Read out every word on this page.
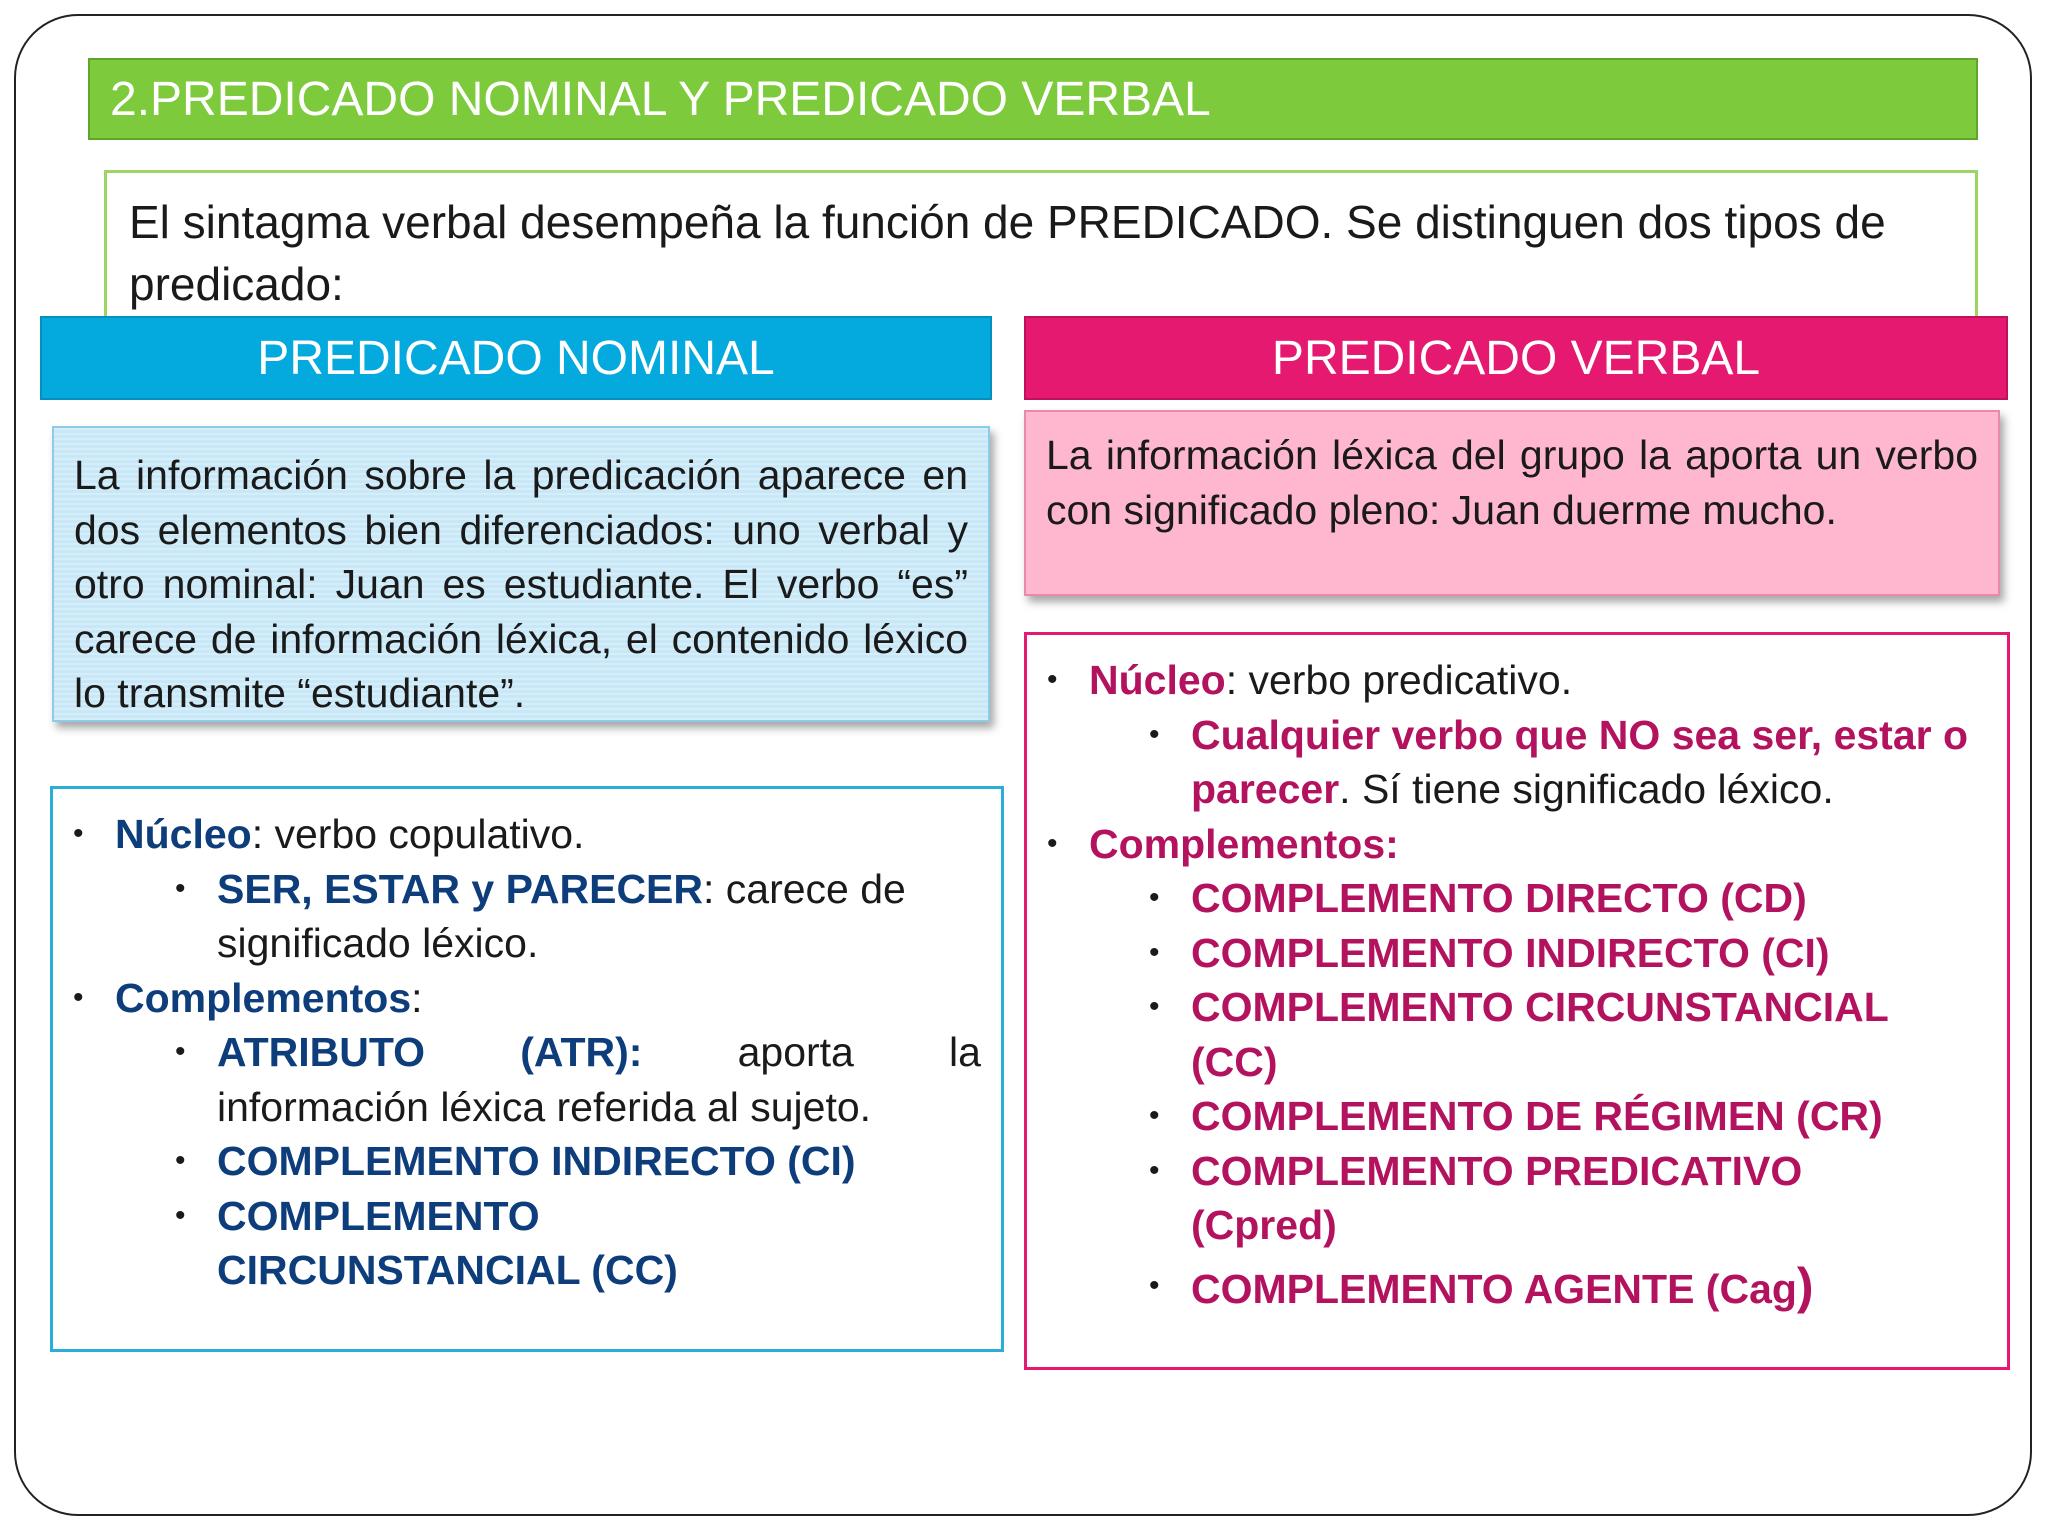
2.PREDICADO NOMINAL Y PREDICADO VERBAL
El sintagma verbal desempeña la función de PREDICADO. Se distinguen dos tipos de predicado:
PREDICADO NOMINAL	PREDICADO VERBAL
La información sobre la predicación aparece en dos elementos bien diferenciados: uno verbal y otro nominal: Juan es estudiante. El verbo “es” carece de información léxica, el contenido léxico lo transmite “estudiante”.
La información léxica del grupo la aporta un verbo con significado pleno: Juan duerme mucho.
• Núcleo: verbo copulativo.
• SER, ESTAR y PARECER: carece de significado léxico.
• Complementos:
• ATRIBUTO (ATR): aporta la
información léxica referida al sujeto.
• COMPLEMENTO INDIRECTO (CI)
• COMPLEMENTO CIRCUNSTANCIAL (CC)
• Núcleo: verbo predicativo.
• Cualquier verbo que NO sea ser, estar o parecer. Sí tiene significado léxico.
• Complementos:
• COMPLEMENTO DIRECTO (CD)
• COMPLEMENTO INDIRECTO (CI)
• COMPLEMENTO CIRCUNSTANCIAL (CC)
• COMPLEMENTO DE RÉGIMEN (CR)
• COMPLEMENTO PREDICATIVO (Cpred)
• COMPLEMENTO AGENTE (Cag)
